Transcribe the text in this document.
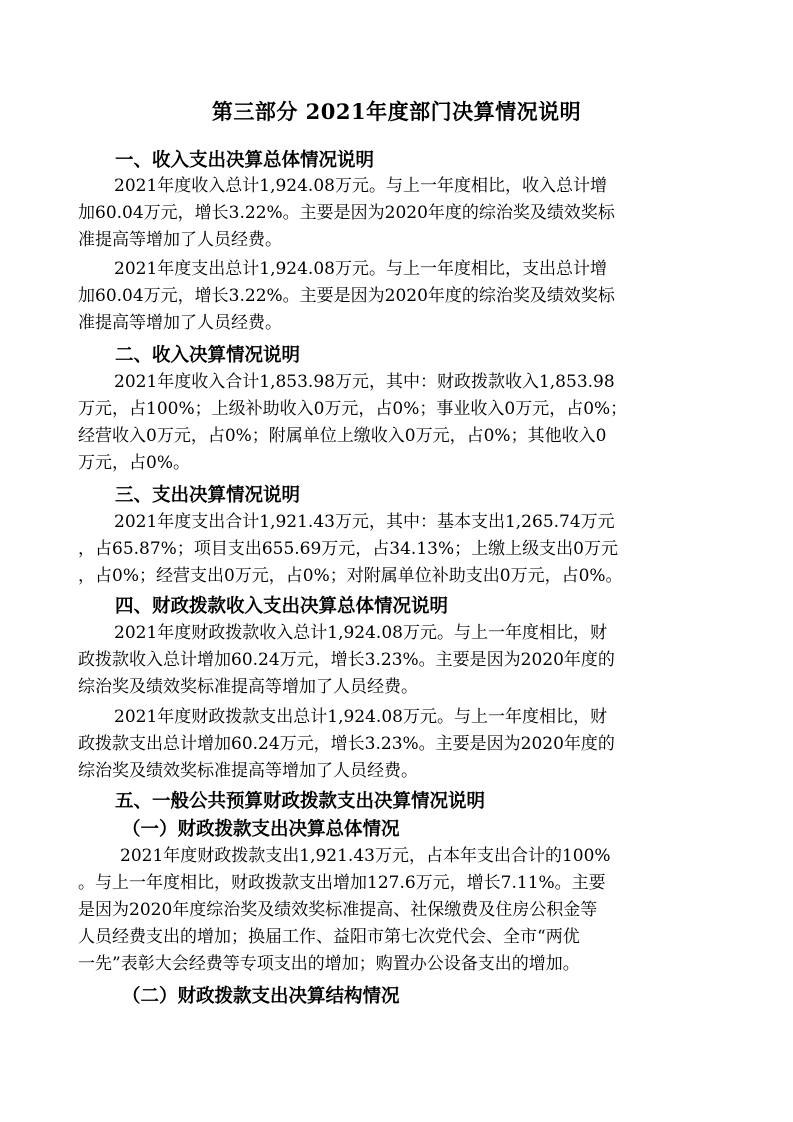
第三部分 2021年度部门决算情况说明
一、收入支出决算总体情况说明
2021年度收入总计1,924.08万元。与上一年度相比，收入总计增
加60.04万元，增长3.22%。主要是因为2020年度的综治奖及绩效奖标
准提高等增加了人员经费。
2021年度支出总计1,924.08万元。与上一年度相比，支出总计增
加60.04万元，增长3.22%。主要是因为2020年度的综治奖及绩效奖标
准提高等增加了人员经费。
二、收入决算情况说明
2021年度收入合计1,853.98万元，其中：财政拨款收入1,853.98
万元，占100%；上级补助收入0万元，占0%；事业收入0万元，占0%；
经营收入0万元，占0%；附属单位上缴收入0万元，占0%；其他收入0
万元，占0%。
三、支出决算情况说明
2021年度支出合计1,921.43万元，其中：基本支出1,265.74万元
，占65.87%；项目支出655.69万元，占34.13%；上缴上级支出0万元
，占0%；经营支出0万元，占0%；对附属单位补助支出0万元，占0%。
四、财政拨款收入支出决算总体情况说明
2021年度财政拨款收入总计1,924.08万元。与上一年度相比，财
政拨款收入总计增加60.24万元，增长3.23%。主要是因为2020年度的
综治奖及绩效奖标准提高等增加了人员经费。
2021年度财政拨款支出总计1,924.08万元。与上一年度相比，财
政拨款支出总计增加60.24万元，增长3.23%。主要是因为2020年度的
综治奖及绩效奖标准提高等增加了人员经费。
五、一般公共预算财政拨款支出决算情况说明
（一）财政拨款支出决算总体情况
2021年度财政拨款支出1,921.43万元，占本年支出合计的100%
。与上一年度相比，财政拨款支出增加127.6万元，增长7.11%。主要
是因为2020年度综治奖及绩效奖标准提高、社保缴费及住房公积金等
人员经费支出的增加；换届工作、益阳市第七次党代会、全市“两优
一先”表彰大会经费等专项支出的增加；购置办公设备支出的增加。
（二）财政拨款支出决算结构情况
